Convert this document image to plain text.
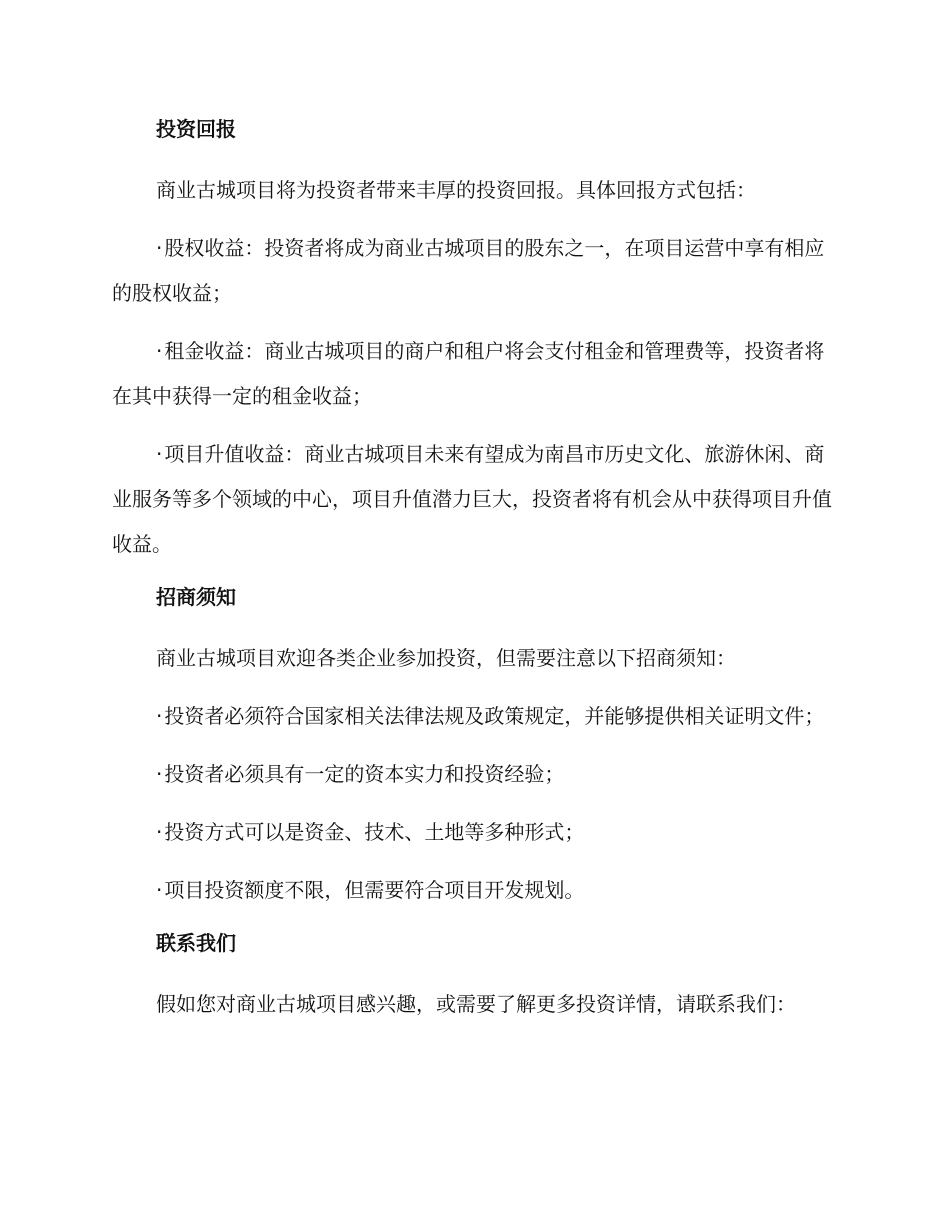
投资回报

商业古城项目将为投资者带来丰厚的投资回报。具体回报方式包括：

· 股权收益：投资者将成为商业古城项目的股东之一，在项目运营中享有相应的股权收益；

· 租金收益：商业古城项目的商户和租户将会支付租金和管理费等，投资者将在其中获得一定的租金收益；

· 项目升值收益：商业古城项目未来有望成为南昌市历史文化、旅游休闲、商业服务等多个领域的中心，项目升值潜力巨大，投资者将有机会从中获得项目升值收益。

招商须知

商业古城项目欢迎各类企业参加投资，但需要注意以下招商须知：

· 投资者必须符合国家相关法律法规及政策规定，并能够提供相关证明文件；

· 投资者必须具有一定的资本实力和投资经验；

· 投资方式可以是资金、技术、土地等多种形式；

· 项目投资额度不限，但需要符合项目开发规划。

联系我们

假如您对商业古城项目感兴趣，或需要了解更多投资详情，请联系我们：
